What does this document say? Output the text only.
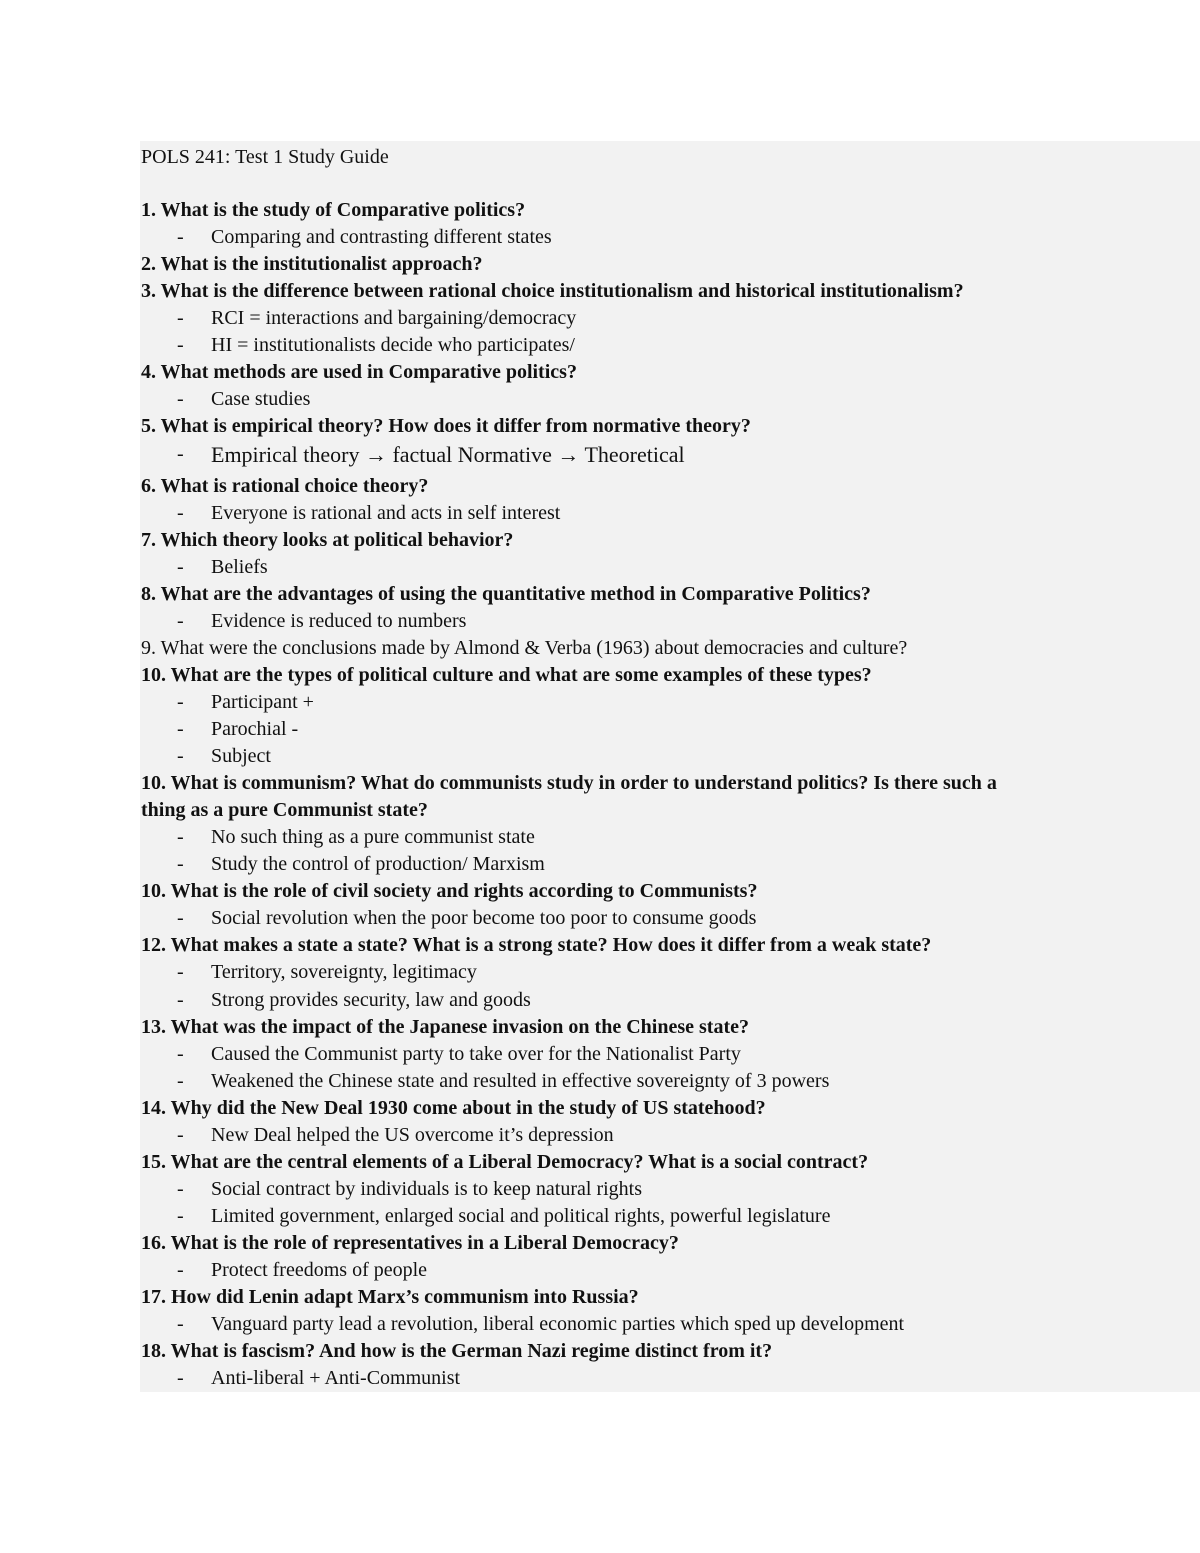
POLS 241: Test 1 Study Guide
1. What is the study of Comparative politics?
- Comparing and contrasting different states
2. What is the institutionalist approach?
3. What is the difference between rational choice institutionalism and historical institutionalism?
- RCI = interactions and bargaining/democracy
- HI = institutionalists decide who participates/
4. What methods are used in Comparative politics?
- Case studies
5. What is empirical theory? How does it differ from normative theory?
- Empirical theory → factual Normative → Theoretical
6. What is rational choice theory?
- Everyone is rational and acts in self interest
7. Which theory looks at political behavior?
- Beliefs
8. What are the advantages of using the quantitative method in Comparative Politics?
- Evidence is reduced to numbers
9. What were the conclusions made by Almond & Verba (1963) about democracies and culture?
10. What are the types of political culture and what are some examples of these types?
- Participant +
- Parochial -
- Subject
10. What is communism? What do communists study in order to understand politics? Is there such a
thing as a pure Communist state?
- No such thing as a pure communist state
- Study the control of production/ Marxism
10. What is the role of civil society and rights according to Communists?
- Social revolution when the poor become too poor to consume goods
12. What makes a state a state? What is a strong state? How does it differ from a weak state?
- Territory, sovereignty, legitimacy
- Strong provides security, law and goods
13. What was the impact of the Japanese invasion on the Chinese state?
- Caused the Communist party to take over for the Nationalist Party
- Weakened the Chinese state and resulted in effective sovereignty of 3 powers
14. Why did the New Deal 1930 come about in the study of US statehood?
- New Deal helped the US overcome it’s depression
15. What are the central elements of a Liberal Democracy? What is a social contract?
- Social contract by individuals is to keep natural rights
- Limited government, enlarged social and political rights, powerful legislature
16. What is the role of representatives in a Liberal Democracy?
- Protect freedoms of people
17. How did Lenin adapt Marx’s communism into Russia?
- Vanguard party lead a revolution, liberal economic parties which sped up development
18. What is fascism? And how is the German Nazi regime distinct from it?
- Anti-liberal + Anti-Communist
